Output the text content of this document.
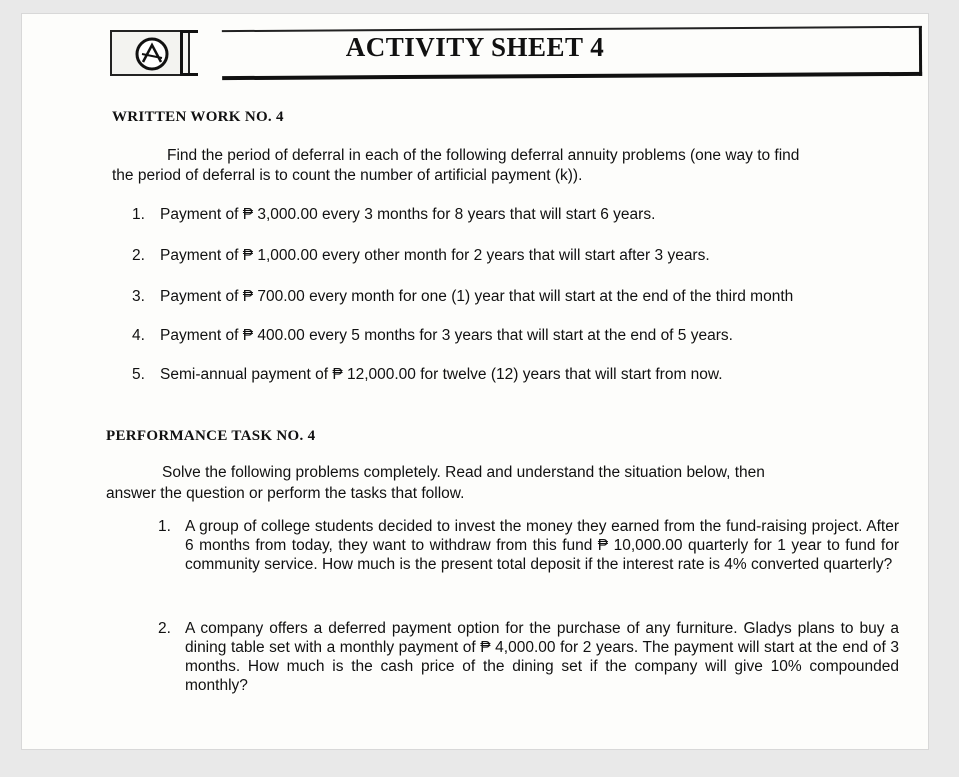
ACTIVITY SHEET 4
WRITTEN WORK NO. 4
Find the period of deferral in each of the following deferral annuity problems (one way to find
the period of deferral is to count the number of artificial payment (k)).
1. Payment of ₱ 3,000.00 every 3 months for 8 years that will start 6 years.
2. Payment of ₱ 1,000.00 every other month for 2 years that will start after 3 years.
3. Payment of ₱ 700.00 every month for one (1) year that will start at the end of the third month
4. Payment of ₱ 400.00 every 5 months for 3 years that will start at the end of 5 years.
5. Semi-annual payment of ₱ 12,000.00 for twelve (12) years that will start from now.
PERFORMANCE TASK NO. 4
Solve the following problems completely. Read and understand the situation below, then
answer the question or perform the tasks that follow.
1. A group of college students decided to invest the money they earned from the fund-raising project. After 6 months from today, they want to withdraw from this fund ₱ 10,000.00 quarterly for 1 year to fund for community service. How much is the present total deposit if the interest rate is 4% converted quarterly?
2. A company offers a deferred payment option for the purchase of any furniture. Gladys plans to buy a dining table set with a monthly payment of ₱ 4,000.00 for 2 years. The payment will start at the end of 3 months. How much is the cash price of the dining set if the company will give 10% compounded monthly?
